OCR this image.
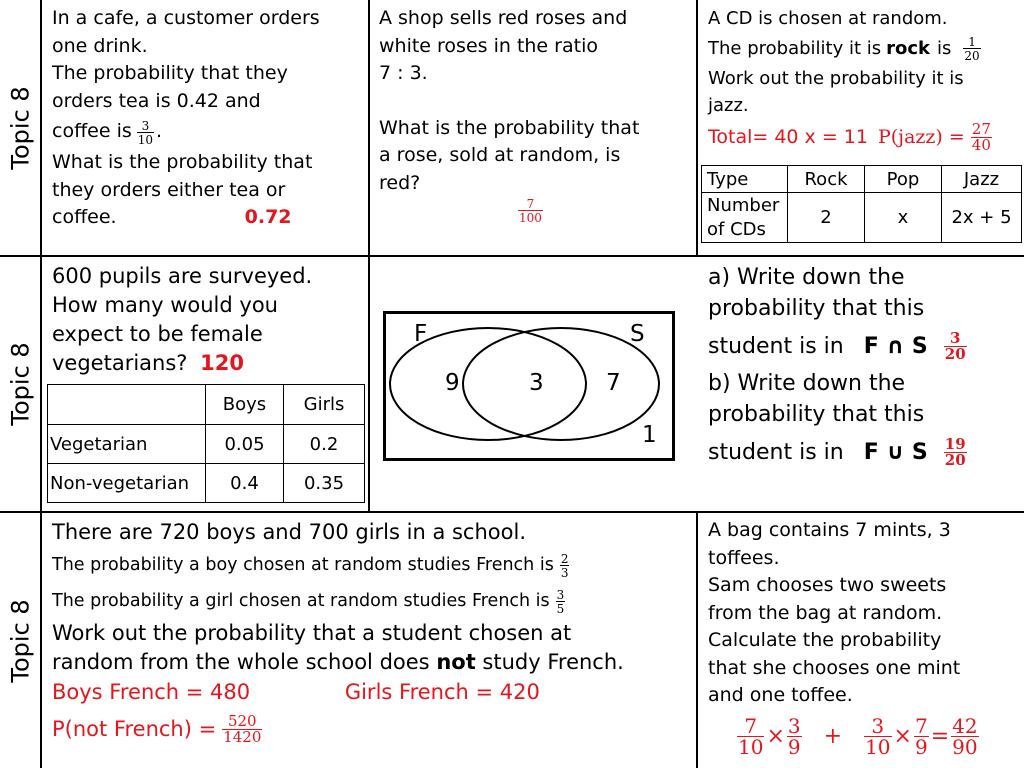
Topic 8
Topic 8
Topic 8
In a cafe, a customer orders
one drink.
The probability that they
orders tea is 0.42 and
coffee is $\frac{3}{10}$ .
What is the probability that
they orders either tea or
coffee.	0.72
A shop sells red roses and
white roses in the ratio
7 : 3.
What is the probability that
a rose, sold at random, is
red?
$\frac{7}{100}$
A CD is chosen at random.
The probability it is rock is $\frac{1}{20}$
Work out the probability it is
jazz.
Total= 40 x = 11 P(jazz) = $\frac{27}{40}$
Type	Rock	Pop	Jazz
Number of CDs	2	x	2x + 5
600 pupils are surveyed.
How many would you
expect to be female
vegetarians? 120
	Boys	Girls
Vegetarian	0.05	0.2
Non-vegetarian	0.4	0.35
F	S
9	3	7
1
a) Write down the
probability that this
student is in F ∩ S $\frac{3}{20}$
b) Write down the
probability that this
student is in F ∪ S $\frac{19}{20}$
There are 720 boys and 700 girls in a school.
The probability a boy chosen at random studies French is $\frac{2}{3}$
The probability a girl chosen at random studies French is $\frac{3}{5}$
Work out the probability that a student chosen at
random from the whole school does not study French.
Boys French = 480	Girls French = 420
P(not French) = $\frac{520}{1420}$
A bag contains 7 mints, 3
toffees.
Sam chooses two sweets
from the bag at random.
Calculate the probability
that she chooses one mint
and one toffee.
$\frac{7}{10} \times \frac{3}{9} + \frac{3}{10} \times \frac{7}{9} = \frac{42}{90}$
